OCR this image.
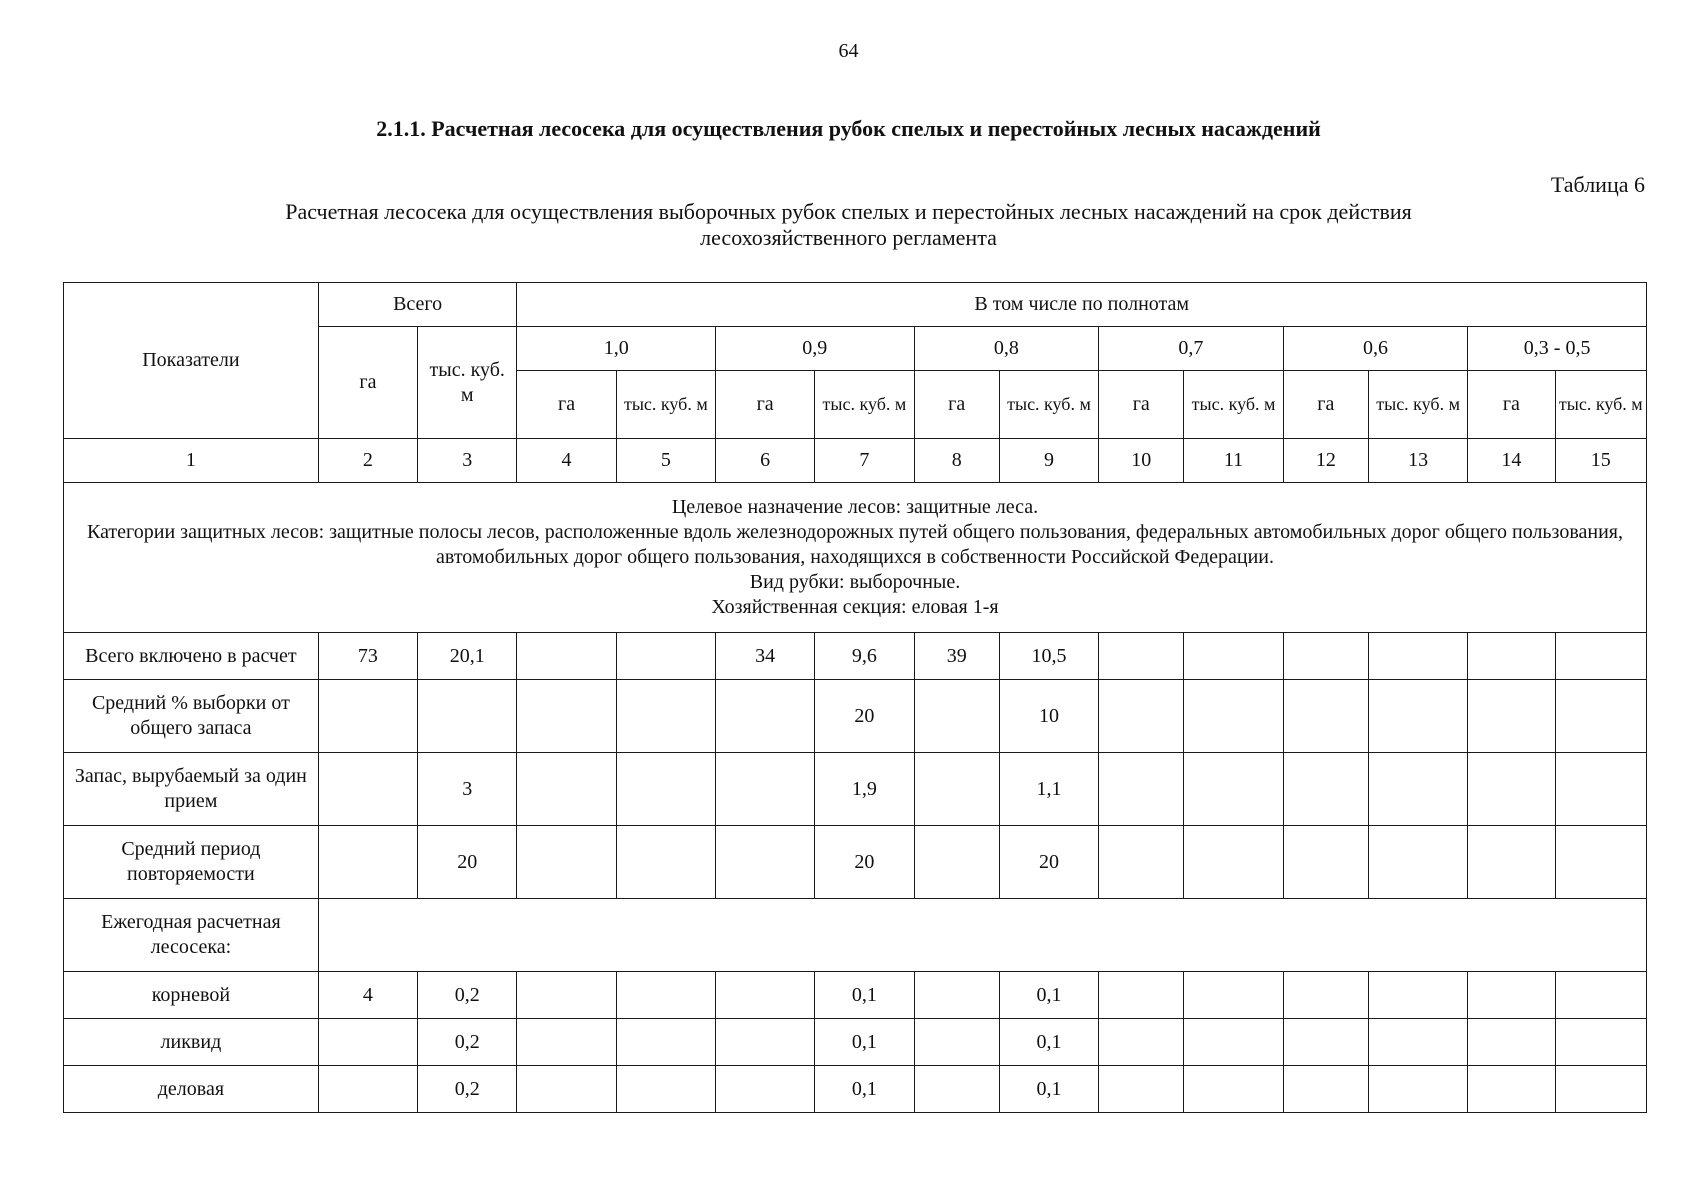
64
2.1.1. Расчетная лесосека для осуществления рубок спелых и перестойных лесных насаждений
Таблица 6
Расчетная лесосека для осуществления выборочных рубок спелых и перестойных лесных насаждений на срок действия лесохозяйственного регламента
Показатели	Всего		В том числе по полнотам											
	га	тыс. куб. м	1,0		0,9		0,8		0,7		0,6		0,3 - 0,5	
			га	тыс. куб. м	га	тыс. куб. м	га	тыс. куб. м	га	тыс. куб. м	га	тыс. куб. м	га	тыс. куб. м
1	2	3	4	5	6	7	8	9	10	11	12	13	14	15

Целевое назначение лесов: защитные леса.
Категории защитных лесов: защитные полосы лесов, расположенные вдоль железнодорожных путей общего пользования, федеральных автомобильных дорог общего пользования, автомобильных дорог общего пользования, находящихся в собственности Российской Федерации.
Вид рубки: выборочные.
Хозяйственная секция: еловая 1-я														

Всего включено в расчет	73	20,1			34	9,6	39	10,5						
Средний % выборки от общего запаса						20		10						
Запас, вырубаемый за один прием		3				1,9		1,1						
Средний период повторяемости		20				20		20						
Ежегодная расчетная лесосека:														
корневой	4	0,2				0,1		0,1						
ликвид		0,2				0,1		0,1						
деловая		0,2				0,1		0,1						
